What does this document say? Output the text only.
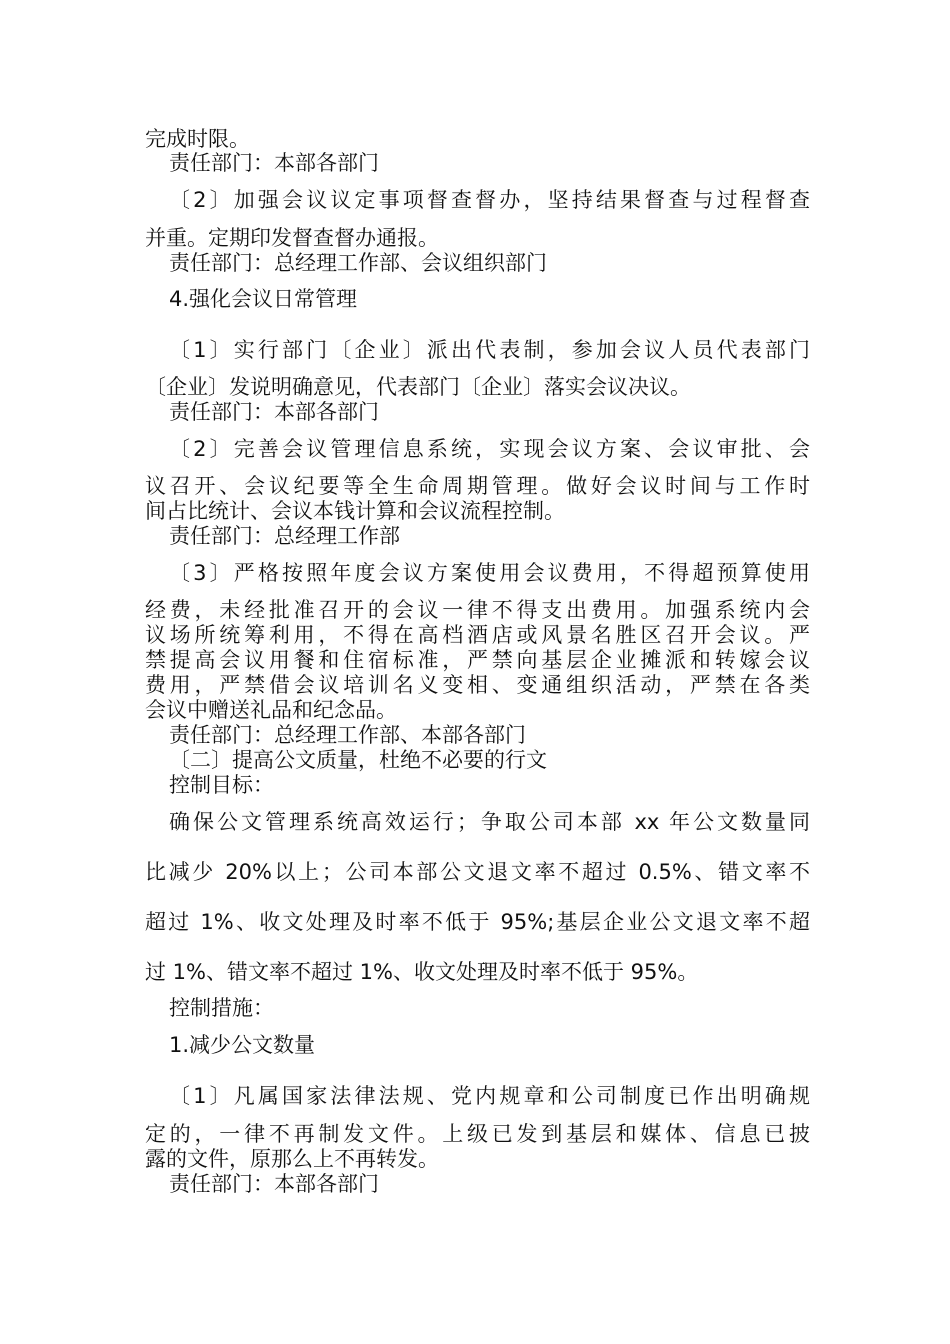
完成时限。
责任部门：本部各部门
〔2〕加强会议议定事项督查督办，坚持结果督查与过程督查
并重。定期印发督查督办通报。
责任部门：总经理工作部、会议组织部门
4.强化会议日常管理
〔1〕实行部门〔企业〕派出代表制，参加会议人员代表部门
〔企业〕发说明确意见，代表部门〔企业〕落实会议决议。
责任部门：本部各部门
〔2〕完善会议管理信息系统，实现会议方案、会议审批、会
议召开、会议纪要等全生命周期管理。做好会议时间与工作时
间占比统计、会议本钱计算和会议流程控制。
责任部门：总经理工作部
〔3〕严格按照年度会议方案使用会议费用，不得超预算使用
经费，未经批准召开的会议一律不得支出费用。加强系统内会
议场所统筹利用，不得在高档酒店或风景名胜区召开会议。严
禁提高会议用餐和住宿标准，严禁向基层企业摊派和转嫁会议
费用，严禁借会议培训名义变相、变通组织活动，严禁在各类
会议中赠送礼品和纪念品。
责任部门：总经理工作部、本部各部门
〔二〕提高公文质量，杜绝不必要的行文
控制目标：
确保公文管理系统高效运行；争取公司本部 xx 年公文数量同
比减少 20%以上；公司本部公文退文率不超过 0.5%、错文率不
超过 1%、收文处理及时率不低于 95%;基层企业公文退文率不超
过 1%、错文率不超过 1%、收文处理及时率不低于 95%。
控制措施：
1.减少公文数量
〔1〕凡属国家法律法规、党内规章和公司制度已作出明确规
定的，一律不再制发文件。上级已发到基层和媒体、信息已披
露的文件，原那么上不再转发。
责任部门：本部各部门
